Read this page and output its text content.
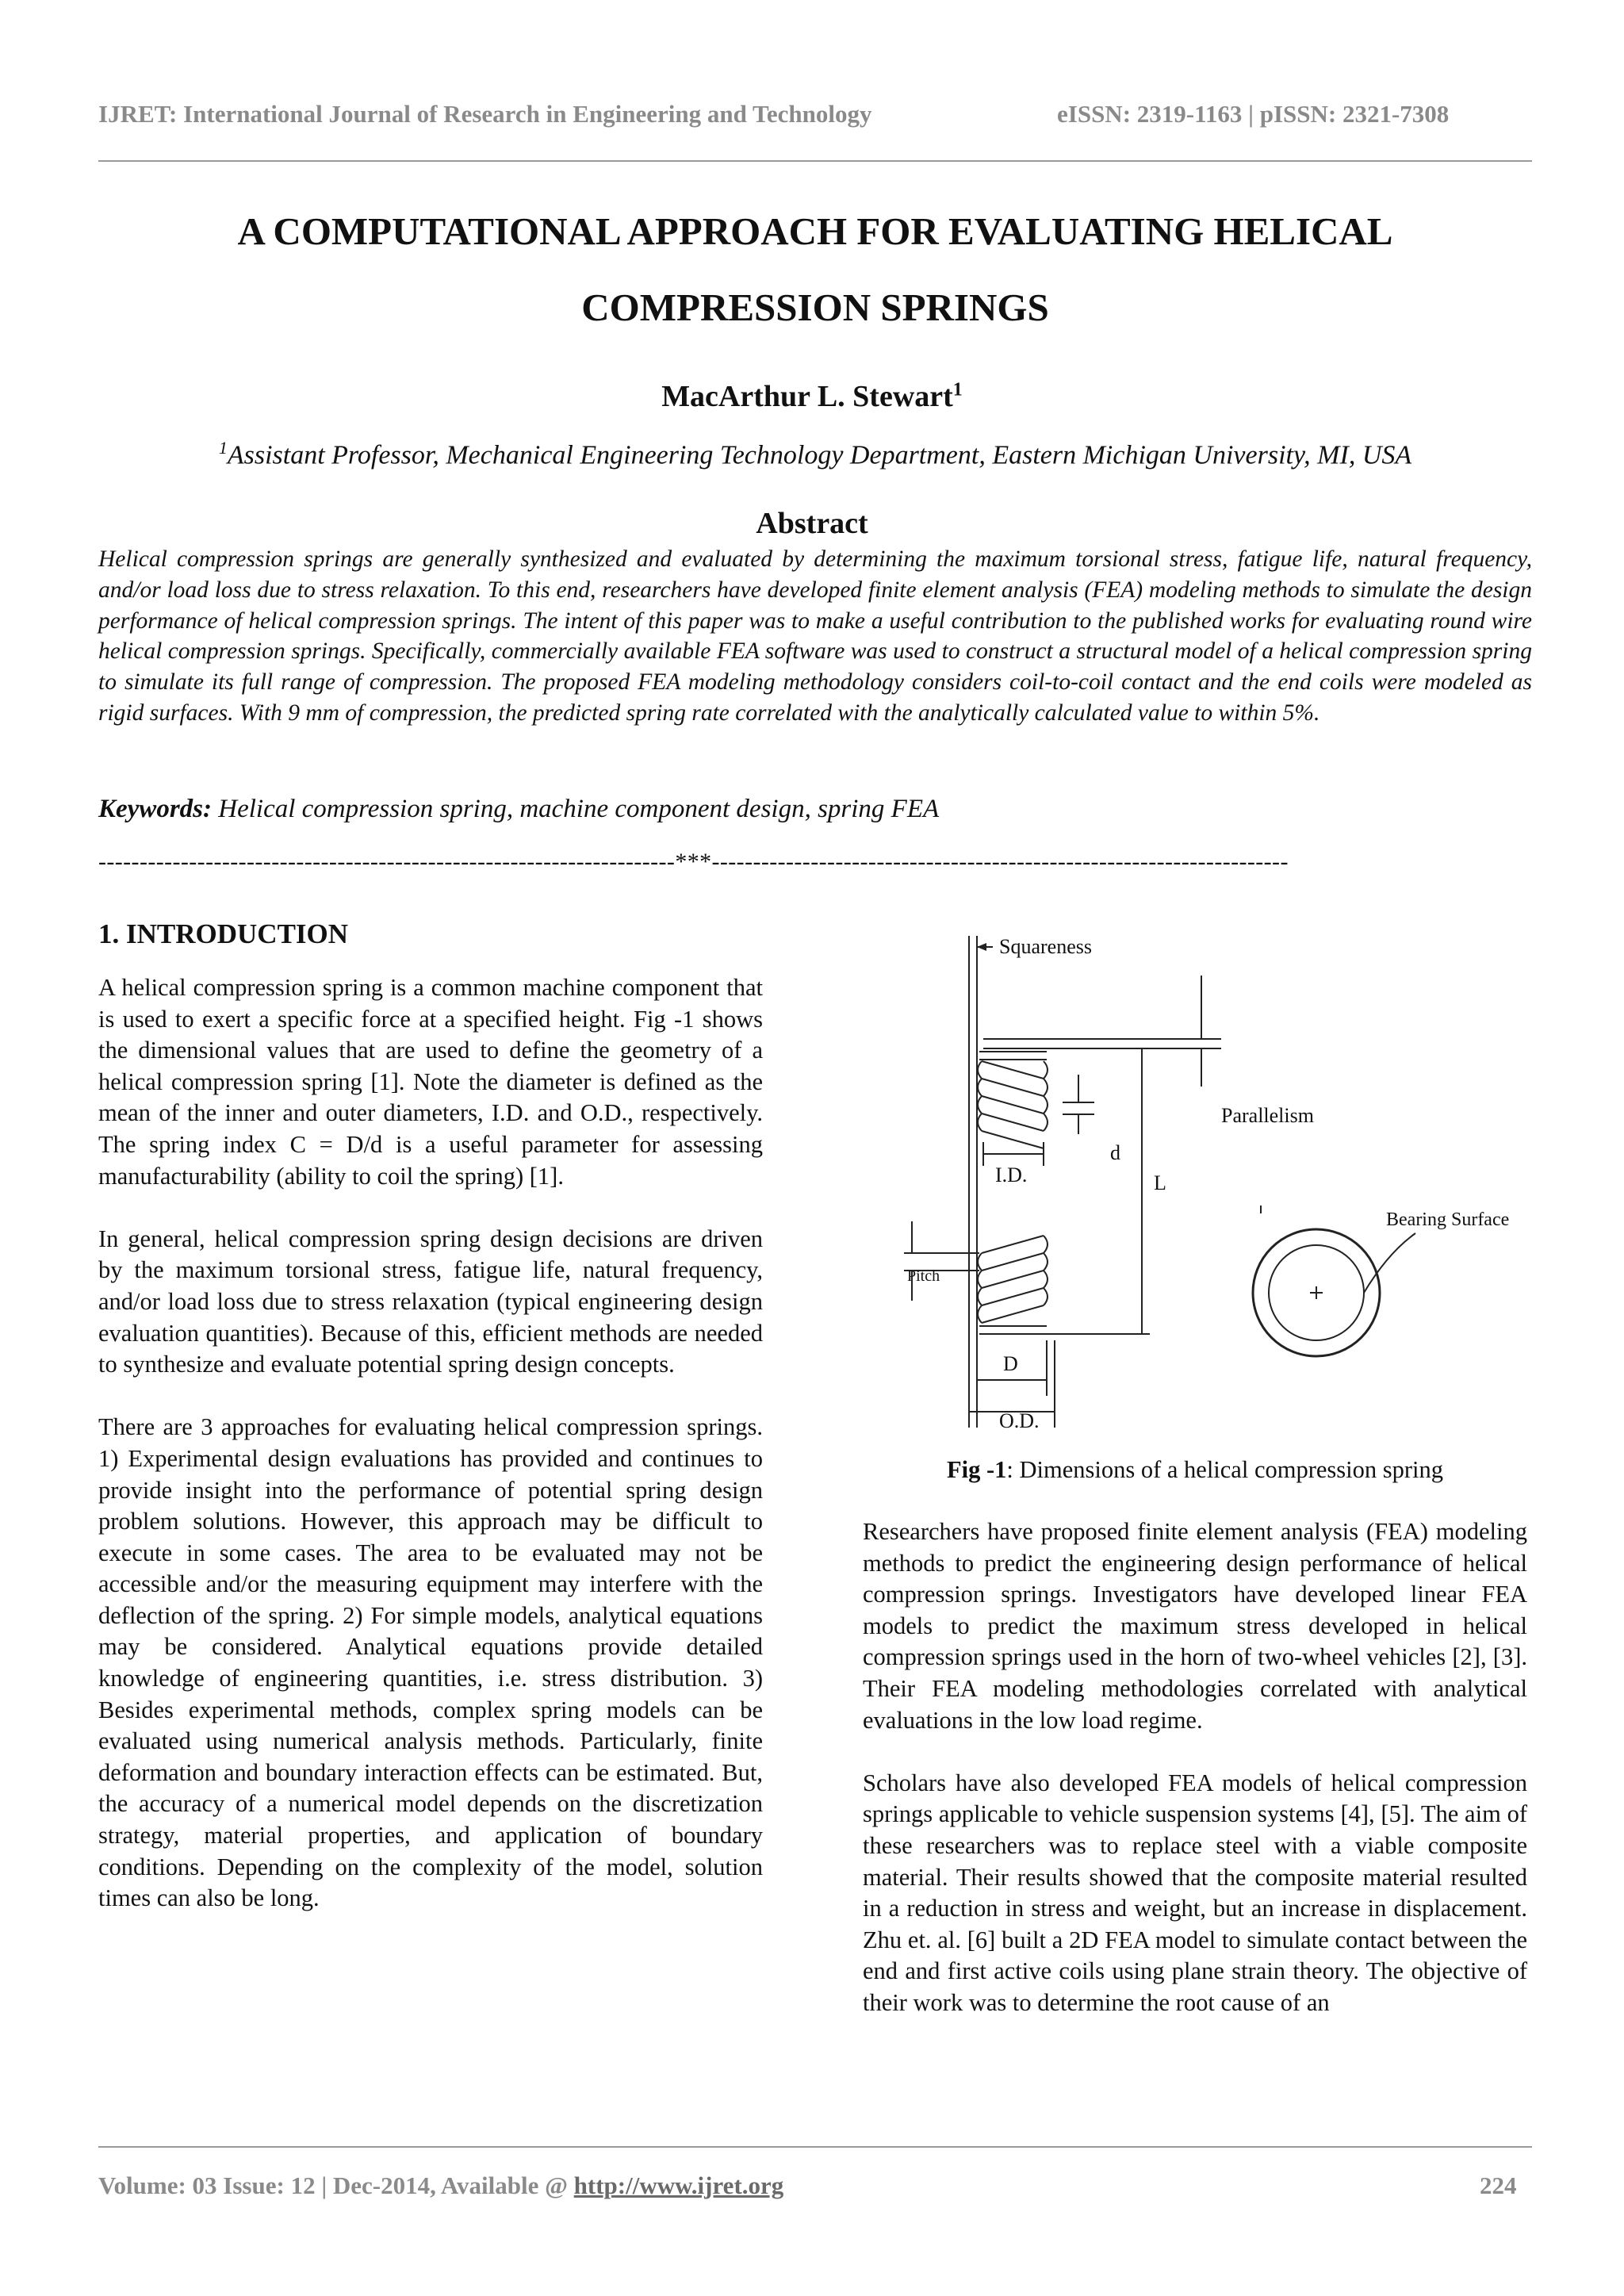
IJRET: International Journal of Research in Engineering and Technology	eISSN: 2319-1163 | pISSN: 2321-7308
A COMPUTATIONAL APPROACH FOR EVALUATING HELICAL
COMPRESSION SPRINGS
MacArthur L. Stewart$^1$
$^1$Assistant Professor, Mechanical Engineering Technology Department, Eastern Michigan University, MI, USA
Abstract
Helical compression springs are generally synthesized and evaluated by determining the maximum torsional stress, fatigue life, natural frequency, and/or load loss due to stress relaxation. To this end, researchers have developed finite element analysis (FEA) modeling methods to simulate the design performance of helical compression springs. The intent of this paper was to make a useful contribution to the published works for evaluating round wire helical compression springs. Specifically, commercially available FEA software was used to construct a structural model of a helical compression spring to simulate its full range of compression. The proposed FEA modeling methodology considers coil-to-coil contact and the end coils were modeled as rigid surfaces. With 9 mm of compression, the predicted spring rate correlated with the analytically calculated value to within 5%.
Keywords: Helical compression spring, machine component design, spring FEA
----------------------------------------------------------------------***----------------------------------------------------------------------
1. INTRODUCTION

A helical compression spring is a common machine component that is used to exert a specific force at a specified height. Fig -1 shows the dimensional values that are used to define the geometry of a helical compression spring [1]. Note the diameter is defined as the mean of the inner and outer diameters, I.D. and O.D., respectively. The spring index C = D/d is a useful parameter for assessing manufacturability (ability to coil the spring) [1].

In general, helical compression spring design decisions are driven by the maximum torsional stress, fatigue life, natural frequency, and/or load loss due to stress relaxation (typical engineering design evaluation quantities). Because of this, efficient methods are needed to synthesize and evaluate potential spring design concepts.

There are 3 approaches for evaluating helical compression springs. 1) Experimental design evaluations has provided and continues to provide insight into the performance of potential spring design problem solutions. However, this approach may be difficult to execute in some cases. The area to be evaluated may not be accessible and/or the measuring equipment may interfere with the deflection of the spring. 2) For simple models, analytical equations may be considered. Analytical equations provide detailed knowledge of engineering quantities, i.e. stress distribution. 3) Besides experimental methods, complex spring models can be evaluated using numerical analysis methods. Particularly, finite deformation and boundary interaction effects can be estimated. But, the accuracy of a numerical model depends on the discretization strategy, material properties, and application of boundary conditions. Depending on the complexity of the model, solution times can also be long.

Squareness
Parallelism
I.D.
d
L
Pitch
D
O.D.
Bearing Surface
Fig -1: Dimensions of a helical compression spring

Researchers have proposed finite element analysis (FEA) modeling methods to predict the engineering design performance of helical compression springs. Investigators have developed linear FEA models to predict the maximum stress developed in helical compression springs used in the horn of two-wheel vehicles [2], [3]. Their FEA modeling methodologies correlated with analytical evaluations in the low load regime.

Scholars have also developed FEA models of helical compression springs applicable to vehicle suspension systems [4], [5]. The aim of these researchers was to replace steel with a viable composite material. Their results showed that the composite material resulted in a reduction in stress and weight, but an increase in displacement. Zhu et. al. [6] built a 2D FEA model to simulate contact between the end and first active coils using plane strain theory. The objective of their work was to determine the root cause of an

Volume: 03 Issue: 12 | Dec-2014, Available @ http://www.ijret.org	224
